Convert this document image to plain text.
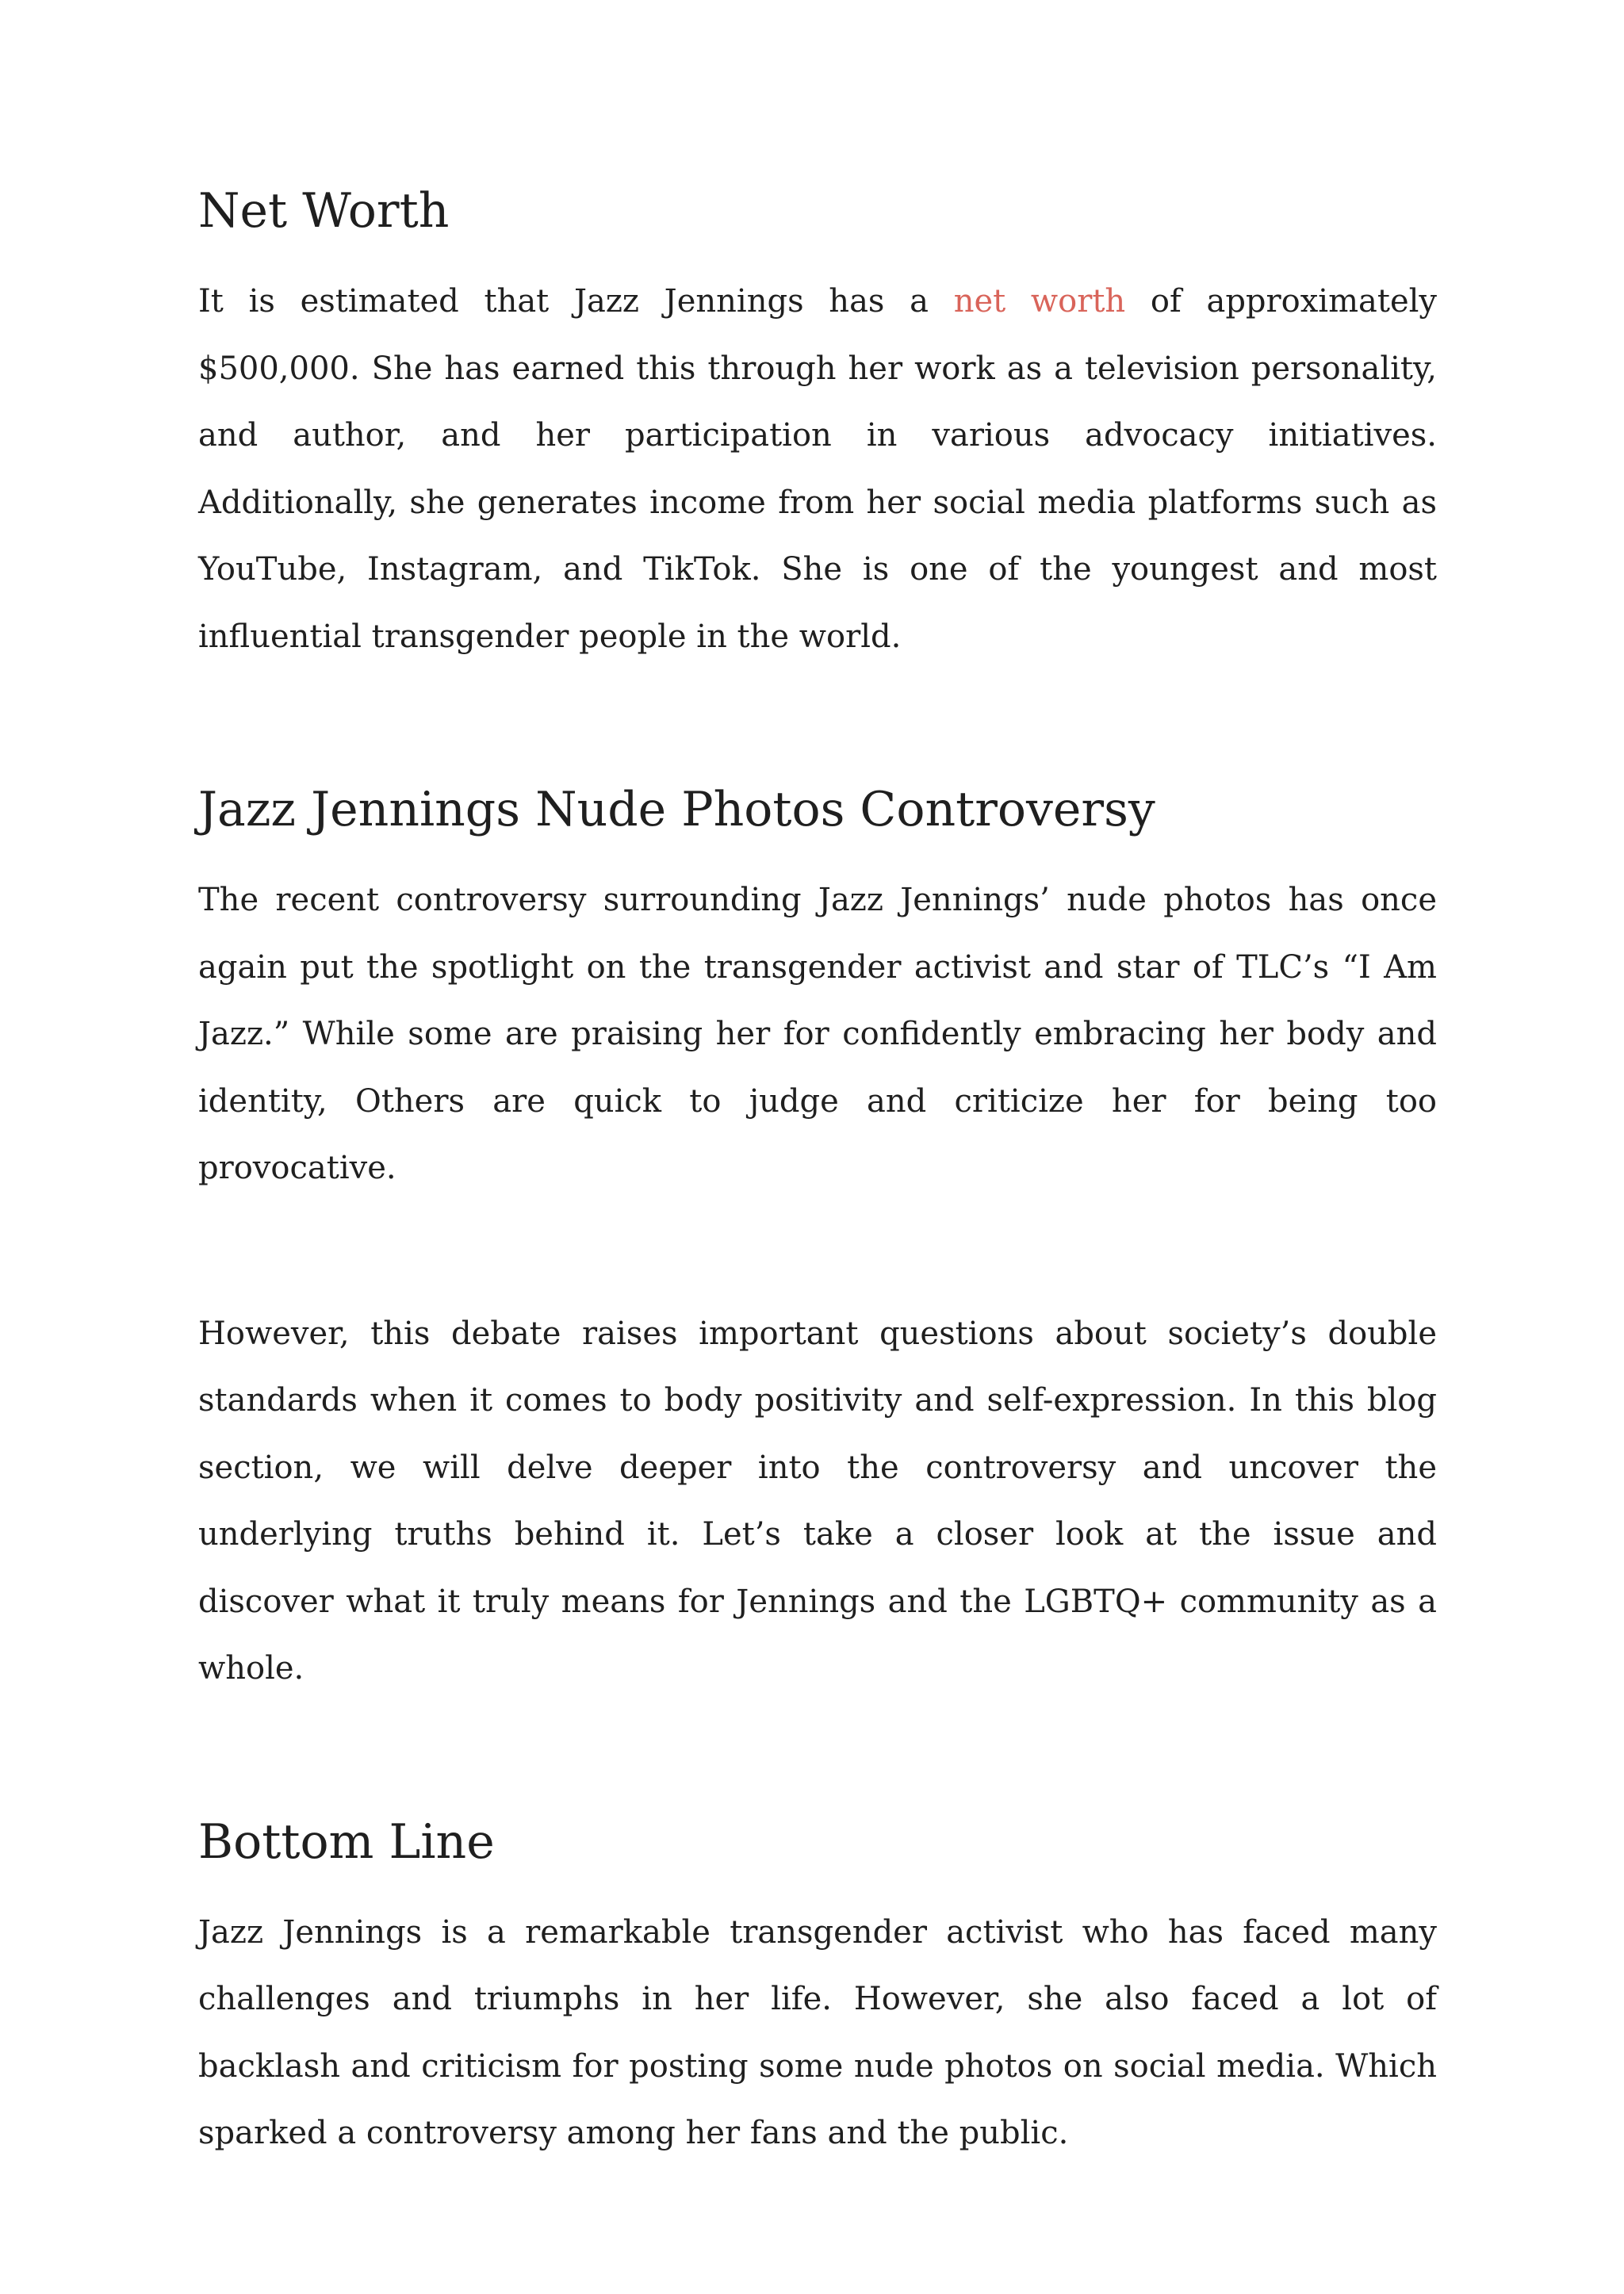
Net Worth

It is estimated that Jazz Jennings has a net worth of approximately $500,000. She has earned this through her work as a television personality, and author, and her participation in various advocacy initiatives. Additionally, she generates income from her social media platforms such as YouTube, Instagram, and TikTok. She is one of the youngest and most influential transgender people in the world.

Jazz Jennings Nude Photos Controversy

The recent controversy surrounding Jazz Jennings’ nude photos has once again put the spotlight on the transgender activist and star of TLC’s “I Am Jazz.” While some are praising her for confidently embracing her body and identity, Others are quick to judge and criticize her for being too provocative.

However, this debate raises important questions about society’s double standards when it comes to body positivity and self-expression. In this blog section, we will delve deeper into the controversy and uncover the underlying truths behind it. Let’s take a closer look at the issue and discover what it truly means for Jennings and the LGBTQ+ community as a whole.

Bottom Line

Jazz Jennings is a remarkable transgender activist who has faced many challenges and triumphs in her life. However, she also faced a lot of backlash and criticism for posting some nude photos on social media. Which sparked a controversy among her fans and the public.
